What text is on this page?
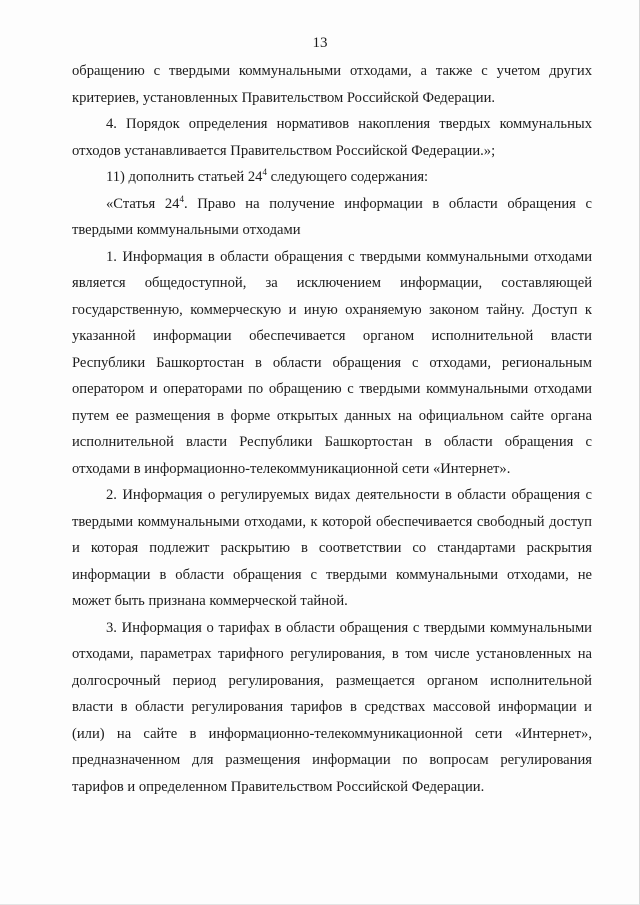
13

обращению с твердыми коммунальными отходами, а также с учетом других критериев, установленных Правительством Российской Федерации.

4. Порядок определения нормативов накопления твердых коммунальных отходов устанавливается Правительством Российской Федерации.»;

11) дополнить статьей $24^4$ следующего содержания:

«Статья $24^4$. Право на получение информации в области обращения с твердыми коммунальными отходами

1. Информация в области обращения с твердыми коммунальными отходами является общедоступной, за исключением информации, составляющей государственную, коммерческую и иную охраняемую законом тайну. Доступ к указанной информации обеспечивается органом исполнительной власти Республики Башкортостан в области обращения с отходами, региональным оператором и операторами по обращению с твердыми коммунальными отходами путем ее размещения в форме открытых данных на официальном сайте органа исполнительной власти Республики Башкортостан в области обращения с отходами в информационно-телекоммуникационной сети «Интернет».

2. Информация о регулируемых видах деятельности в области обращения с твердыми коммунальными отходами, к которой обеспечивается свободный доступ и которая подлежит раскрытию в соответствии со стандартами раскрытия информации в области обращения с твердыми коммунальными отходами, не может быть признана коммерческой тайной.

3. Информация о тарифах в области обращения с твердыми коммунальными отходами, параметрах тарифного регулирования, в том числе установленных на долгосрочный период регулирования, размещается органом исполнительной власти в области регулирования тарифов в средствах массовой информации и (или) на сайте в информационно-телекоммуникационной сети «Интернет», предназначенном для размещения информации по вопросам регулирования тарифов и определенном Правительством Российской Федерации.
